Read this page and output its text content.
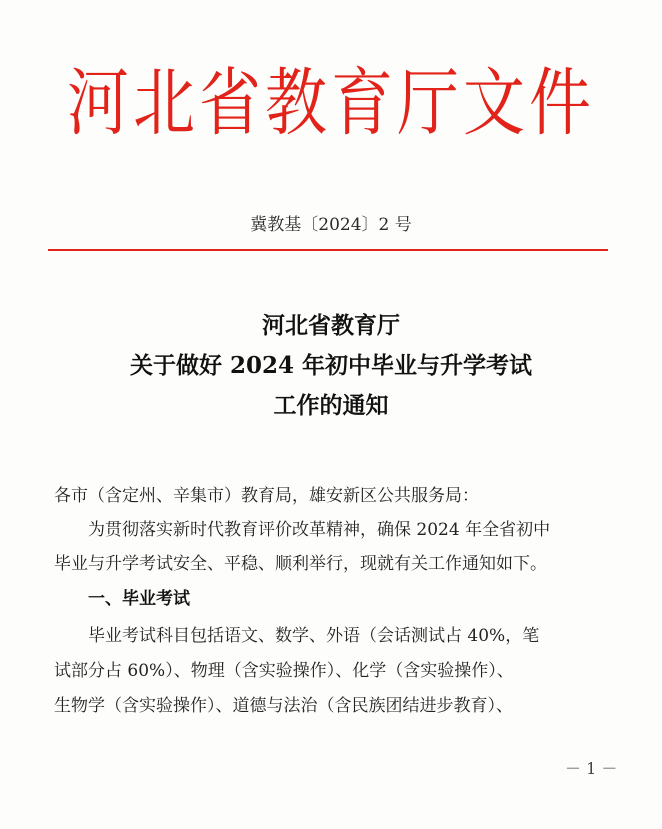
河北省教育厅文件
冀教基〔2024〕2 号
河北省教育厅
关于做好 2024 年初中毕业与升学考试
工作的通知
各市（含定州、辛集市）教育局，雄安新区公共服务局：
为贯彻落实新时代教育评价改革精神，确保 2024 年全省初中
毕业与升学考试安全、平稳、顺利举行，现就有关工作通知如下。
一、毕业考试
毕业考试科目包括语文、数学、外语（会话测试占 40%，笔
试部分占 60%）、物理（含实验操作）、化学（含实验操作）、
生物学（含实验操作）、道德与法治（含民族团结进步教育）、
－ 1 －
